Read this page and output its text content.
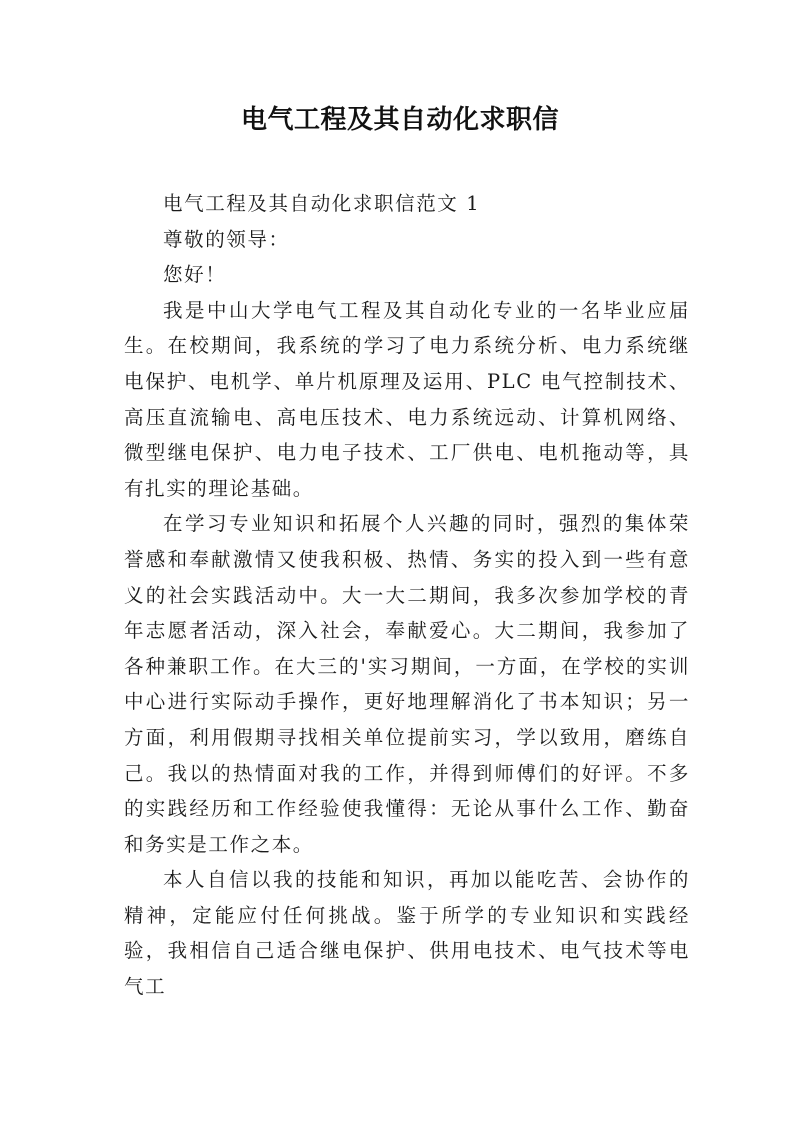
电气工程及其自动化求职信

电气工程及其自动化求职信范文 1

尊敬的领导：

您好！

我是中山大学电气工程及其自动化专业的一名毕业应届生。在校期间，我系统的学习了电力系统分析、电力系统继电保护、电机学、单片机原理及运用、PLC 电气控制技术、高压直流输电、高电压技术、电力系统远动、计算机网络、微型继电保护、电力电子技术、工厂供电、电机拖动等，具有扎实的理论基础。

在学习专业知识和拓展个人兴趣的同时，强烈的集体荣誉感和奉献激情又使我积极、热情、务实的投入到一些有意义的社会实践活动中。大一大二期间，我多次参加学校的青年志愿者活动，深入社会，奉献爱心。大二期间，我参加了各种兼职工作。在大三的'实习期间，一方面，在学校的实训中心进行实际动手操作，更好地理解消化了书本知识；另一方面，利用假期寻找相关单位提前实习，学以致用，磨练自己。我以的热情面对我的工作，并得到师傅们的好评。不多的实践经历和工作经验使我懂得：无论从事什么工作、勤奋和务实是工作之本。

本人自信以我的技能和知识，再加以能吃苦、会协作的精神，定能应付任何挑战。鉴于所学的专业知识和实践经验，我相信自己适合继电保护、供用电技术、电气技术等电气工
